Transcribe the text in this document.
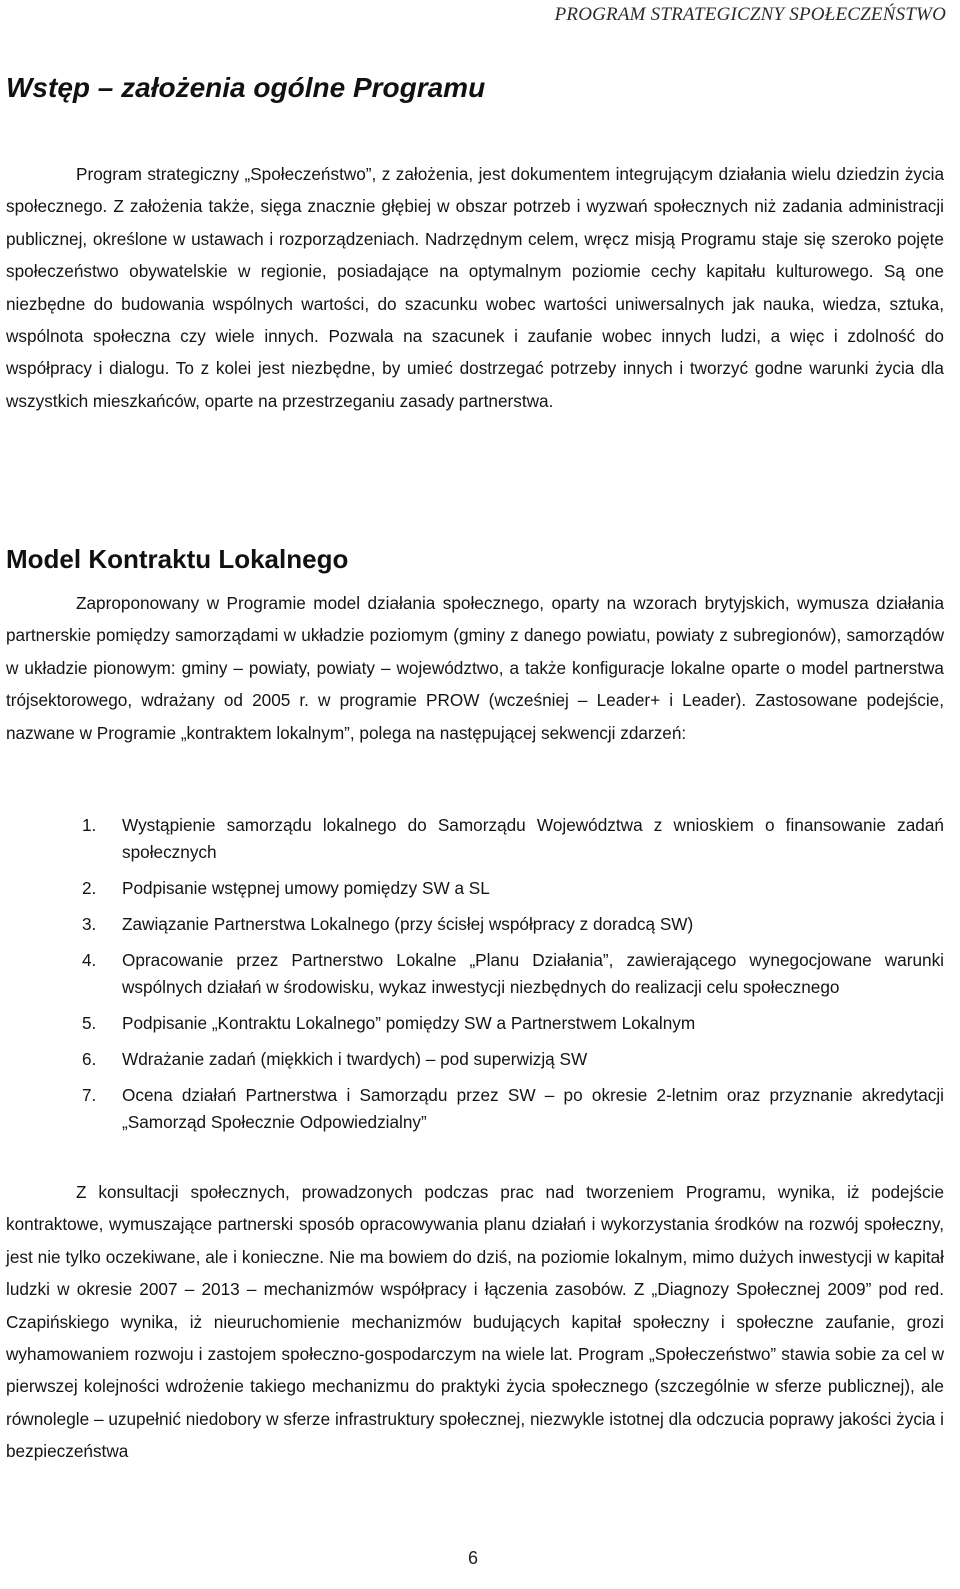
PROGRAM STRATEGICZNY SPOŁECZEŃSTWO
Wstęp – założenia ogólne Programu

Program strategiczny „Społeczeństwo”, z założenia, jest dokumentem integrującym działania wielu dziedzin życia społecznego. Z założenia także, sięga znacznie głębiej w obszar potrzeb i wyzwań społecznych niż zadania administracji publicznej, określone w ustawach i rozporządzeniach. Nadrzędnym celem, wręcz misją Programu staje się szeroko pojęte społeczeństwo obywatelskie w regionie, posiadające na optymalnym poziomie cechy kapitału kulturowego. Są one niezbędne do budowania wspólnych wartości, do szacunku wobec wartości uniwersalnych jak nauka, wiedza, sztuka, wspólnota społeczna czy wiele innych. Pozwala na szacunek i zaufanie wobec innych ludzi, a więc i zdolność do współpracy i dialogu. To z kolei jest niezbędne, by umieć dostrzegać potrzeby innych i tworzyć godne warunki życia dla wszystkich mieszkańców, oparte na przestrzeganiu zasady partnerstwa.

Model Kontraktu Lokalnego

Zaproponowany w Programie model działania społecznego, oparty na wzorach brytyjskich, wymusza działania partnerskie pomiędzy samorządami w układzie poziomym (gminy z danego powiatu, powiaty z subregionów), samorządów w układzie pionowym: gminy – powiaty, powiaty – województwo, a także konfiguracje lokalne oparte o model partnerstwa trójsektorowego, wdrażany od 2005 r. w programie PROW (wcześniej – Leader+ i Leader). Zastosowane podejście, nazwane w Programie „kontraktem lokalnym”, polega na następującej sekwencji zdarzeń:

1. Wystąpienie samorządu lokalnego do Samorządu Województwa z wnioskiem o finansowanie zadań społecznych
2. Podpisanie wstępnej umowy pomiędzy SW a SL
3. Zawiązanie Partnerstwa Lokalnego (przy ścisłej współpracy z doradcą SW)
4. Opracowanie przez Partnerstwo Lokalne „Planu Działania”, zawierającego wynegocjowane warunki wspólnych działań w środowisku, wykaz inwestycji niezbędnych do realizacji celu społecznego
5. Podpisanie „Kontraktu Lokalnego” pomiędzy SW a Partnerstwem Lokalnym
6. Wdrażanie zadań (miękkich i twardych) – pod superwizją SW
7. Ocena działań Partnerstwa i Samorządu przez SW – po okresie 2-letnim oraz przyznanie akredytacji „Samorząd Społecznie Odpowiedzialny”

Z konsultacji społecznych, prowadzonych podczas prac nad tworzeniem Programu, wynika, iż podejście kontraktowe, wymuszające partnerski sposób opracowywania planu działań i wykorzystania środków na rozwój społeczny, jest nie tylko oczekiwane, ale i konieczne. Nie ma bowiem do dziś, na poziomie lokalnym, mimo dużych inwestycji w kapitał ludzki w okresie 2007 – 2013 – mechanizmów współpracy i łączenia zasobów. Z „Diagnozy Społecznej 2009” pod red. Czapińskiego wynika, iż nieuruchomienie mechanizmów budujących kapitał społeczny i społeczne zaufanie, grozi wyhamowaniem rozwoju i zastojem społeczno-gospodarczym na wiele lat. Program „Społeczeństwo” stawia sobie za cel w pierwszej kolejności wdrożenie takiego mechanizmu do praktyki życia społecznego (szczególnie w sferze publicznej), ale równolegle – uzupełnić niedobory w sferze infrastruktury społecznej, niezwykle istotnej dla odczucia poprawy jakości życia i bezpieczeństwa

6
